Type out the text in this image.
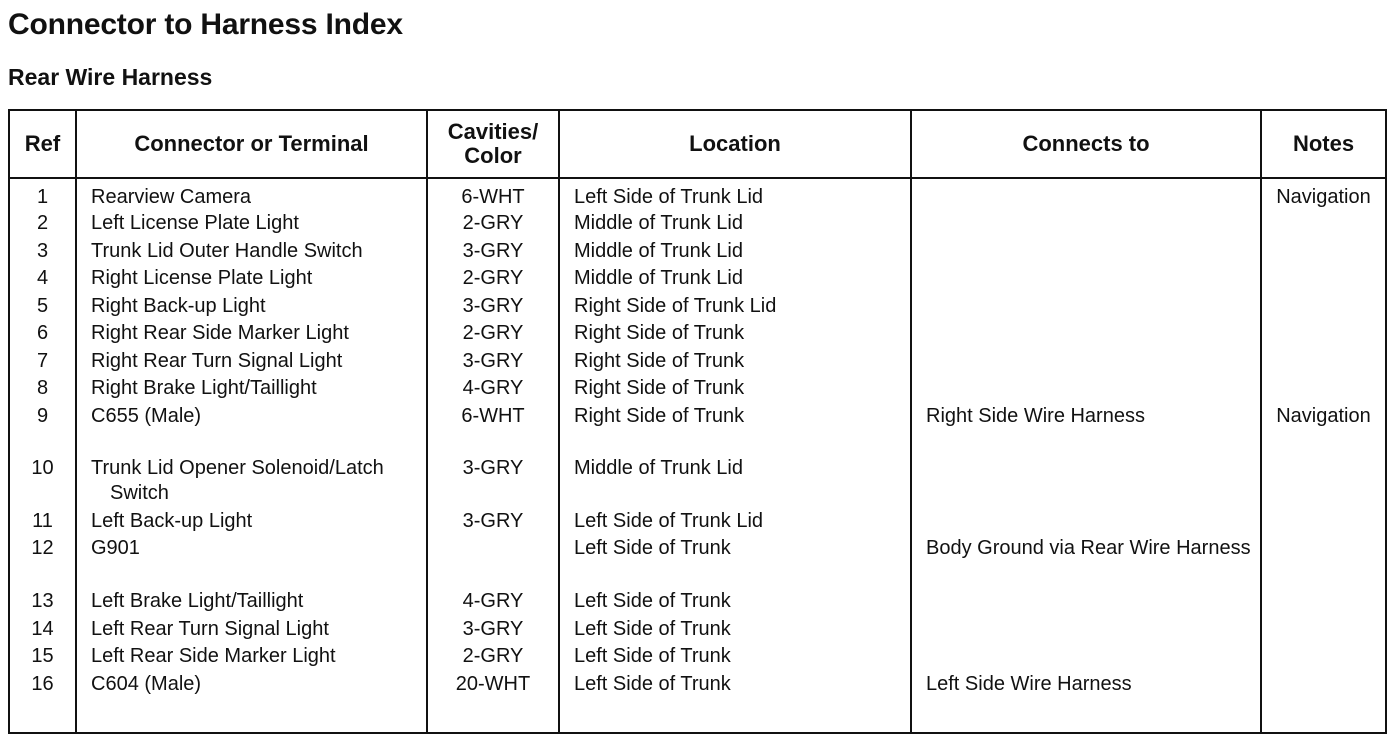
Connector to Harness Index
Rear Wire Harness
Ref	Connector or Terminal	Cavities/ Color	Location	Connects to	Notes
1	Rearview Camera	6-WHT	Left Side of Trunk Lid		Navigation
2	Left License Plate Light	2-GRY	Middle of Trunk Lid	

3	Trunk Lid Outer Handle Switch	3-GRY	Middle of Trunk Lid	

4	Right License Plate Light	2-GRY	Middle of Trunk Lid	

5	Right Back-up Light	3-GRY	Right Side of Trunk Lid	

6	Right Rear Side Marker Light	2-GRY	Right Side of Trunk	

7	Right Rear Turn Signal Light	3-GRY	Right Side of Trunk	

8	Right Brake Light/Taillight	4-GRY	Right Side of Trunk	

9	C655 (Male)	6-WHT	Right Side of Trunk	Right Side Wire Harness	Navigation
10	Trunk Lid Opener Solenoid/Latch Switch	3-GRY	Middle of Trunk Lid	

11	Left Back-up Light	3-GRY	Left Side of Trunk Lid	

12	G901		Left Side of Trunk	Body Ground via Rear Wire Harness	

13	Left Brake Light/Taillight	4-GRY	Left Side of Trunk	

14	Left Rear Turn Signal Light	3-GRY	Left Side of Trunk	

15	Left Rear Side Marker Light	2-GRY	Left Side of Trunk	

16	C604 (Male)	20-WHT	Left Side of Trunk	Left Side Wire Harness	
